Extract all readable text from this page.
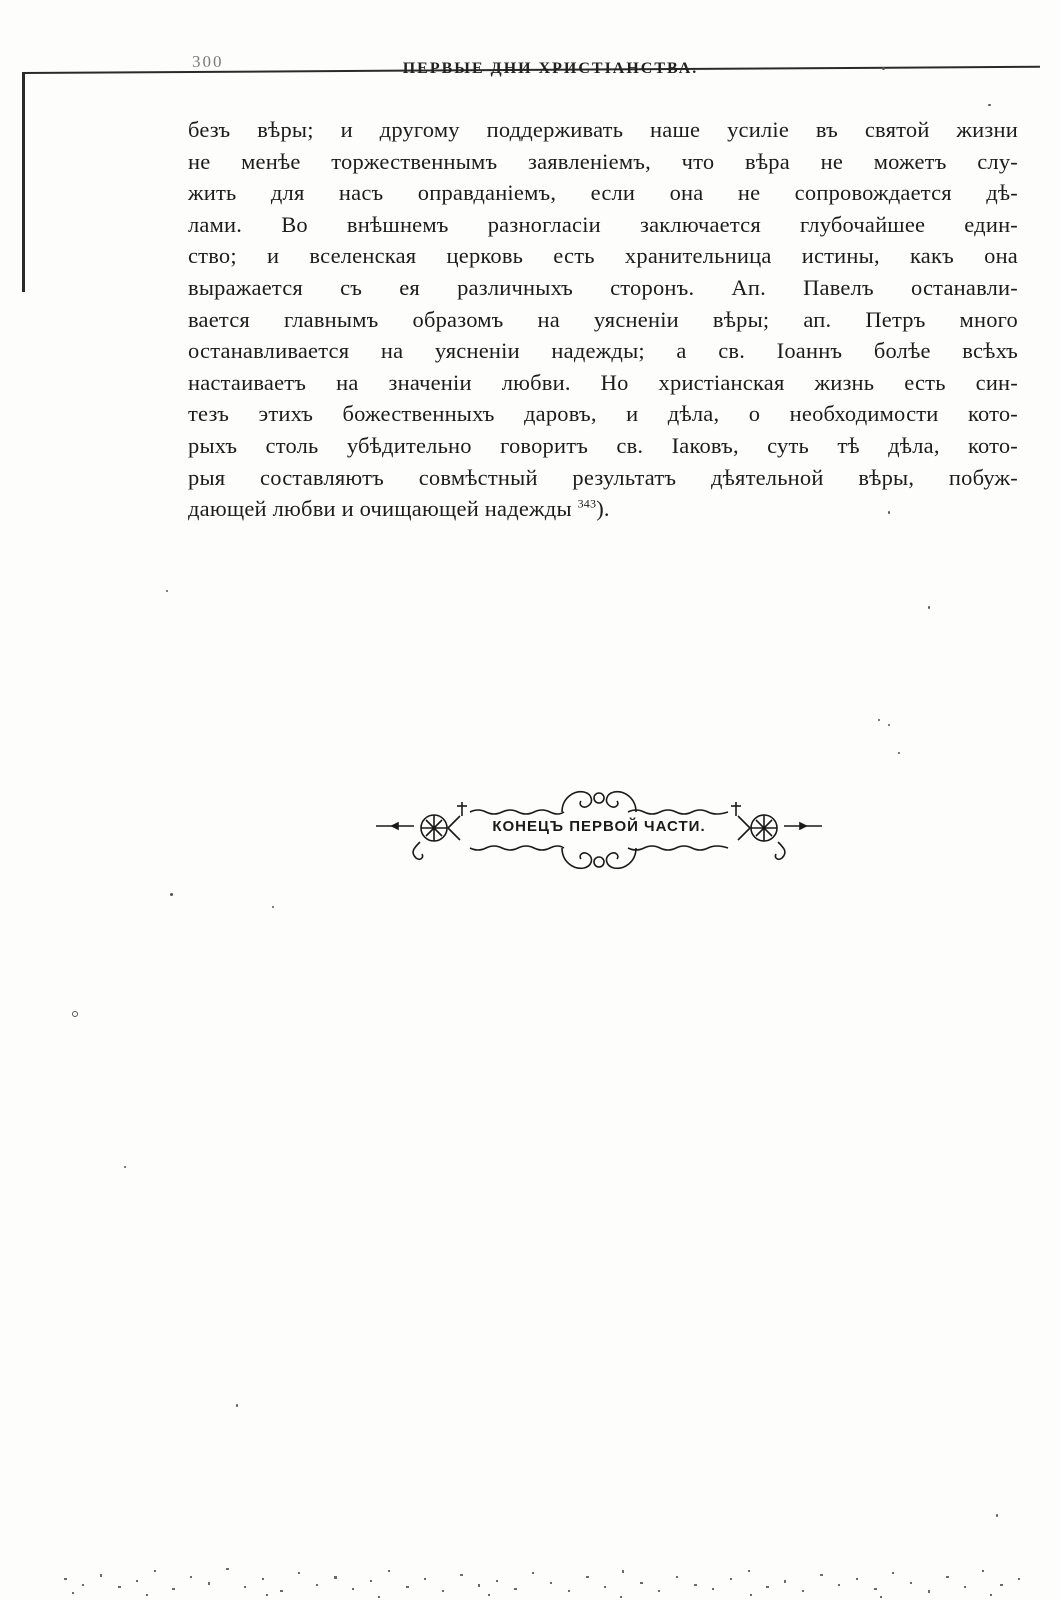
300	ПЕРВЫЕ ДНИ ХРИСТІАНСТВА.
безъ вѣры; и другому поддерживать наше усиліе въ святой жизни
не менѣе торжественнымъ заявленіемъ, что вѣра не можетъ слу-
жить для насъ оправданіемъ, если она не сопровождается дѣ-
лами. Во внѣшнемъ разногласіи заключается глубочайшее един-
ство; и вселенская церковь есть хранительница истины, какъ она
выражается съ ея различныхъ сторонъ. Ап. Павелъ останавли-
вается главнымъ образомъ на уясненіи вѣры; ап. Петръ много
останавливается на уясненіи надежды; а св. Іоаннъ болѣе всѣхъ
настаиваетъ на значеніи любви. Но христіанская жизнь есть син-
тезъ этихъ божественныхъ даровъ, и дѣла, о необходимости кото-
рыхъ столь убѣдительно говоритъ св. Іаковъ, суть тѣ дѣла, кото-
рыя составляютъ совмѣстный результатъ дѣятельной вѣры, побуж-
дающей любви и очищающей надежды $^{343}$).
КОНЕЦЪ ПЕРВОЙ ЧАСТИ.
